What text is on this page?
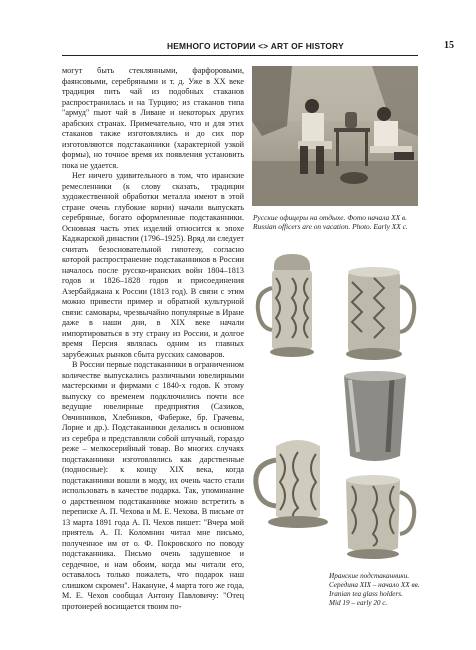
НЕМНОГО ИСТОРИИ <> ART OF HISTORY	15

могут быть стеклянными, фарфоровыми, фаянсовыми, серебряными и т. д. Уже в XX веке традиция пить чай из подобных стаканов распространилась и на Турцию; из стаканов типа "армуд" пьют чай в Ливане и некоторых других арабских странах. Примечательно, что и для этих стаканов также изготовлялись и до сих пор изготовляются подстаканники (характерной узкой формы), но точное время их появления установить пока не удается.

Нет ничего удивительного в том, что иранские ремесленники (к слову сказать, традиции художественной обработки металла имеют в этой стране очень глубокие корни) начали выпускать серебряные, богато оформленные подстаканники. Основная часть этих изделий относится к эпохе Каджарской династии (1796–1925). Вряд ли следует считать безосновательной гипотезу, согласно которой распространение подстаканников в России началось после русско-иранских войн 1804–1813 годов и 1826–1828 годов и присоединения Азербайджана к России (1813 год). В связи с этим можно привести пример и обратной культурной связи: самовары, чрезвычайно популярные в Иране даже в наши дни, в XIX веке начали импортироваться в эту страну из России, и долгое время Персия являлась одним из главных зарубежных рынков сбыта русских самоваров.

В России первые подстаканники в ограниченном количестве выпускались различными ювелирными мастерскими и фирмами с 1840-х годов. К этому выпуску со временем подключились почти все ведущие ювелирные предприятия (Сазиков, Овчинников, Хлебников, Фаберже, бр. Грачевы, Лорие и др.). Подстаканники делались в основном из серебра и представляли собой штучный, гораздо реже – мелкосерийный товар. Во многих случаях подстаканники изготовлялись как дарственные (подносные): к концу XIX века, когда подстаканники вошли в моду, их очень часто стали использовать в качестве подарка. Так, упоминание о дарственном подстаканнике можно встретить в переписке А. П. Чехова и М. Е. Чехова. В письме от 13 марта 1891 года А. П. Чехов пишет: "Вчера мой приятель А. П. Коломнин читал мне письмо, полученное им от о. Ф. Покровского по поводу подстаканника. Письмо очень задушевное и сердечное, и нам обоим, когда мы читали его, оставалось только пожалеть, что подарок наш слишком скромен". Накануне, 4 марта того же года, М. Е. Чехов сообщал Антону Павловичу: "Отец протоиерей восищается твоим по-

Русские офицеры на отдыхе. Фото начала XX в.
Russian officers are on vacation. Photo. Early XX c.
Иранские подстаканники.
Середина XIX – начало XX вв.
Iranian tea glass holders.
Mid 19 – early 20 c.
